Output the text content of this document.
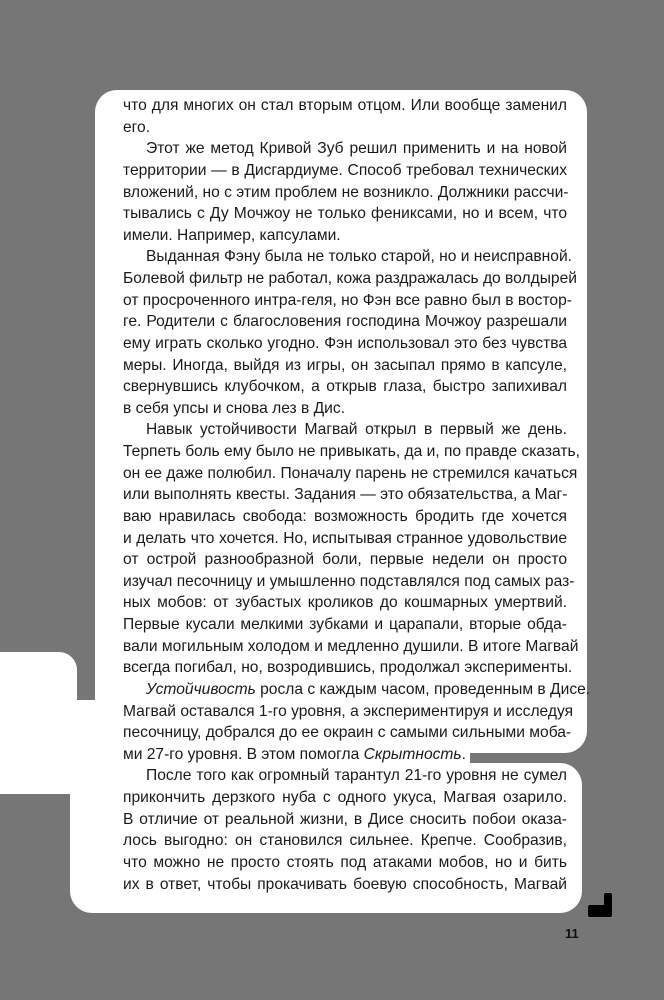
что для многих он стал вторым отцом. Или вообще заменил
его.
Этот же метод Кривой Зуб решил применить и на новой
территории — в Дисгардиуме. Способ требовал технических
вложений, но с этим проблем не возникло. Должники рассчи-
тывались с Ду Мочжоу не только фениксами, но и всем, что
имели. Например, капсулами.
Выданная Фэну была не только старой, но и неисправной.
Болевой фильтр не работал, кожа раздражалась до волдырей
от просроченного интра-геля, но Фэн все равно был в востор-
ге. Родители с благословения господина Мочжоу разрешали
ему играть сколько угодно. Фэн использовал это без чувства
меры. Иногда, выйдя из игры, он засыпал прямо в капсуле,
свернувшись клубочком, а открыв глаза, быстро запихивал
в себя упсы и снова лез в Дис.
Навык устойчивости Магвай открыл в первый же день.
Терпеть боль ему было не привыкать, да и, по правде сказать,
он ее даже полюбил. Поначалу парень не стремился качаться
или выполнять квесты. Задания — это обязательства, а Маг-
ваю нравилась свобода: возможность бродить где хочется
и делать что хочется. Но, испытывая странное удовольствие
от острой разнообразной боли, первые недели он просто
изучал песочницу и умышленно подставлялся под самых раз-
ных мобов: от зубастых кроликов до кошмарных умертвий.
Первые кусали мелкими зубками и царапали, вторые обда-
вали могильным холодом и медленно душили. В итоге Магвай
всегда погибал, но, возродившись, продолжал эксперименты.
Устойчивость росла с каждым часом, проведенным в Дисе.
Магвай оставался 1-го уровня, а экспериментируя и исследуя
песочницу, добрался до ее окраин с самыми сильными моба-
ми 27-го уровня. В этом помогла Скрытность.
После того как огромный тарантул 21-го уровня не сумел
прикончить дерзкого нуба с одного укуса, Магвая озарило.
В отличие от реальной жизни, в Дисе сносить побои оказа-
лось выгодно: он становился сильнее. Крепче. Сообразив,
что можно не просто стоять под атаками мобов, но и бить
их в ответ, чтобы прокачивать боевую способность, Магвай
11
